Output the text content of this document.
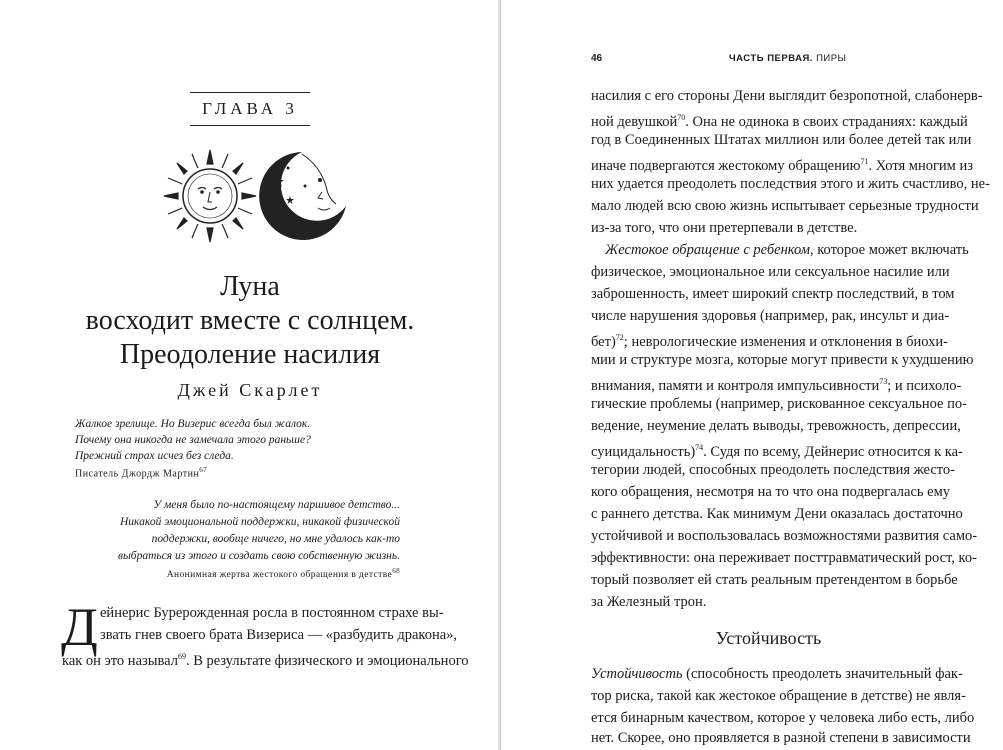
ГЛАВА 3
Луна
восходит вместе с солнцем.
Преодоление насилия
Джей Скарлет
Жалкое зрелище. Но Визерис всегда был жалок.
Почему она никогда не замечала этого раньше?
Прежний страх исчез без следа.
Писатель Джордж Мартин$^{67}$
У меня было по-настоящему паршивое детство...
Никакой эмоциональной поддержки, никакой физической
поддержки, вообще ничего, но мне удалось как-то
выбраться из этого и создать свою собственную жизнь.
Анонимная жертва жестокого обращения в детстве$^{68}$
Д ейнерис Бурерожденная росла в постоянном страхе вы-
звать гнев своего брата Визериса — «разбудить дракона»,
как он это называл$^{69}$. В результате физического и эмоционального
46	ЧАСТЬ ПЕРВАЯ. ПИРЫ
насилия с его стороны Дени выглядит безропотной, слабонерв-
ной девушкой$^{70}$. Она не одинока в своих страданиях: каждый
год в Соединенных Штатах миллион или более детей так или
иначе подвергаются жестокому обращению$^{71}$. Хотя многим из
них удается преодолеть последствия этого и жить счастливо, не-
мало людей всю свою жизнь испытывает серьезные трудности
из-за того, что они претерпевали в детстве.
Жестокое обращение с ребенком, которое может включать
физическое, эмоциональное или сексуальное насилие или
заброшенность, имеет широкий спектр последствий, в том
числе нарушения здоровья (например, рак, инсульт и диа-
бет)$^{72}$; неврологические изменения и отклонения в биохи-
мии и структуре мозга, которые могут привести к ухудшению
внимания, памяти и контроля импульсивности$^{73}$; и психоло-
гические проблемы (например, рискованное сексуальное по-
ведение, неумение делать выводы, тревожность, депрессии,
суицидальность)$^{74}$. Судя по всему, Дейнерис относится к ка-
тегории людей, способных преодолеть последствия жесто-
кого обращения, несмотря на то что она подвергалась ему
с раннего детства. Как минимум Дени оказалась достаточно
устойчивой и воспользовалась возможностями развития само-
эффективности: она переживает посттравматический рост, ко-
торый позволяет ей стать реальным претендентом в борьбе
за Железный трон.
Устойчивость
Устойчивость (способность преодолеть значительный фак-
тор риска, такой как жестокое обращение в детстве) не явля-
ется бинарным качеством, которое у человека либо есть, либо
нет. Скорее, оно проявляется в разной степени в зависимости
